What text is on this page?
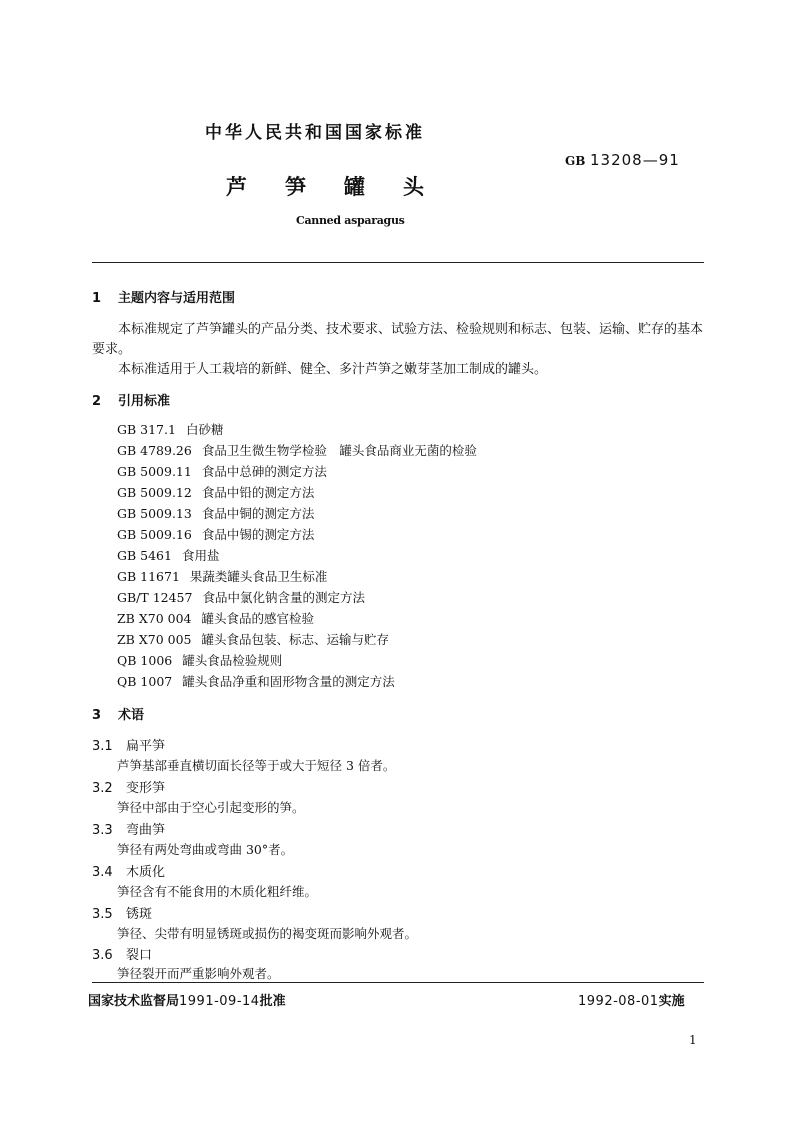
中华人民共和国国家标准
GB 13208—91
芦笋罐头
Canned asparagus
1 主题内容与适用范围
本标准规定了芦笋罐头的产品分类、技术要求、试验方法、检验规则和标志、包装、运输、贮存的基本
要求。
本标准适用于人工栽培的新鲜、健全、多汁芦笋之嫩芽茎加工制成的罐头。
2 引用标准
GB 317.1 白砂糖
GB 4789.26 食品卫生微生物学检验　罐头食品商业无菌的检验
GB 5009.11 食品中总砷的测定方法
GB 5009.12 食品中铅的测定方法
GB 5009.13 食品中铜的测定方法
GB 5009.16 食品中锡的测定方法
GB 5461 食用盐
GB 11671 果蔬类罐头食品卫生标准
GB/T 12457 食品中氯化钠含量的测定方法
ZB X70 004 罐头食品的感官检验
ZB X70 005 罐头食品包装、标志、运输与贮存
QB 1006 罐头食品检验规则
QB 1007 罐头食品净重和固形物含量的测定方法
3 术语
3.1 扁平笋
芦笋基部垂直横切面长径等于或大于短径 3 倍者。
3.2 变形笋
笋径中部由于空心引起变形的笋。
3.3 弯曲笋
笋径有两处弯曲或弯曲 30°者。
3.4 木质化
笋径含有不能食用的木质化粗纤维。
3.5 锈斑
笋径、尖带有明显锈斑或损伤的褐变斑而影响外观者。
3.6 裂口
笋径裂开而严重影响外观者。
国家技术监督局1991-09-14批准	1992-08-01实施
1
